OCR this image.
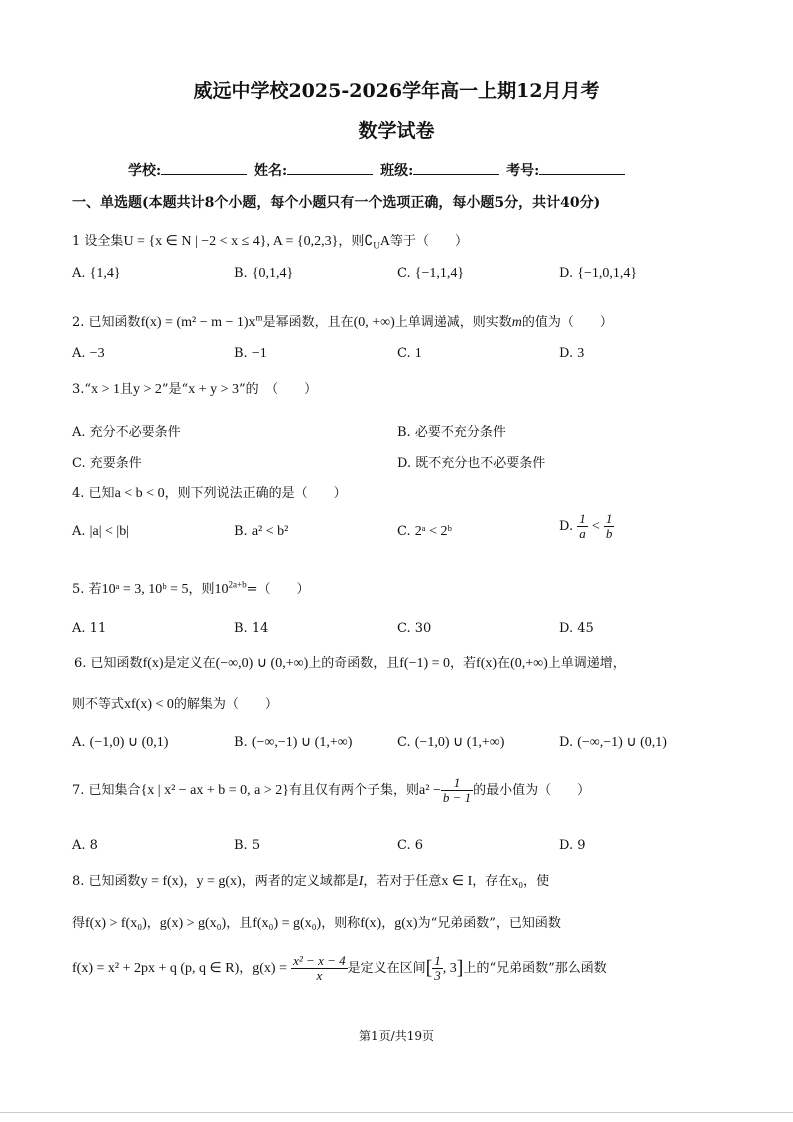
威远中学校2025-2026学年高一上期12月月考
数学试卷
学校:	姓名:	班级:	考号:
一、单选题(本题共计8个小题，每个小题只有一个选项正确，每小题5分，共计40分)
1 设全集U = {x ∈ N | −2 < x ≤ 4}, A = {0,2,3}，则$∁_UA$等于（　　）
A. {1,4}	B. {0,1,4}	C. {−1,1,4}	D. {−1,0,1,4}
2. 已知函数$f(x) = (m^2 - m - 1)x^m$是幂函数，且在(0, +∞)上单调递减，则实数m的值为（　　）
A. −3	B. −1	C. 1	D. 3
3.“x > 1且y > 2”是“x + y > 3”的　（　　）
A. 充分不必要条件	B. 必要不充分条件
C. 充要条件	D. 既不充分也不必要条件
4. 已知a < b < 0，则下列说法正确的是（　　）
A. |a| < |b|	B. a² < b²	C. 2ᵃ < 2ᵇ	D. $\frac{1}{a} < \frac{1}{b}$
5. 若10ᵃ = 3, 10ᵇ = 5，则$10^{2a+b}=$（　　）
A. 11	B. 14	C. 30	D. 45
6. 已知函数f(x)是定义在(−∞,0) ∪ (0,+∞)上的奇函数，且f(−1) = 0，若f(x)在(0,+∞)上单调递增，
则不等式xf(x) < 0的解集为（　　）
A. (−1,0) ∪ (0,1)	B. (−∞,−1) ∪ (1,+∞)	C. (−1,0) ∪ (1,+∞)	D. (−∞,−1) ∪ (0,1)
7. 已知集合{x | x² − ax + b = 0, a > 2}有且仅有两个子集，则$a^2 - \frac{1}{b - 1}$ 的最小值为（　　）
A. 8	B. 5	C. 6	D. 9
8. 已知函数y = f(x)，y = g(x)，两者的定义域都是I，若对于任意x ∈ I，存在x₀，使
得f(x) > f(x₀)，g(x) > g(x₀)，且f(x₀) = g(x₀)，则称f(x)，g(x)为“兄弟函数”，已知函数
f(x) = x² + 2px + q (p, q ∈ R)，$g(x) = \frac{\text{x² − x − 4}}{x}$ 是定义在区间[ $\frac{1}{3}$ , 3]上的“兄弟函数”那么函数
第1页/共19页
